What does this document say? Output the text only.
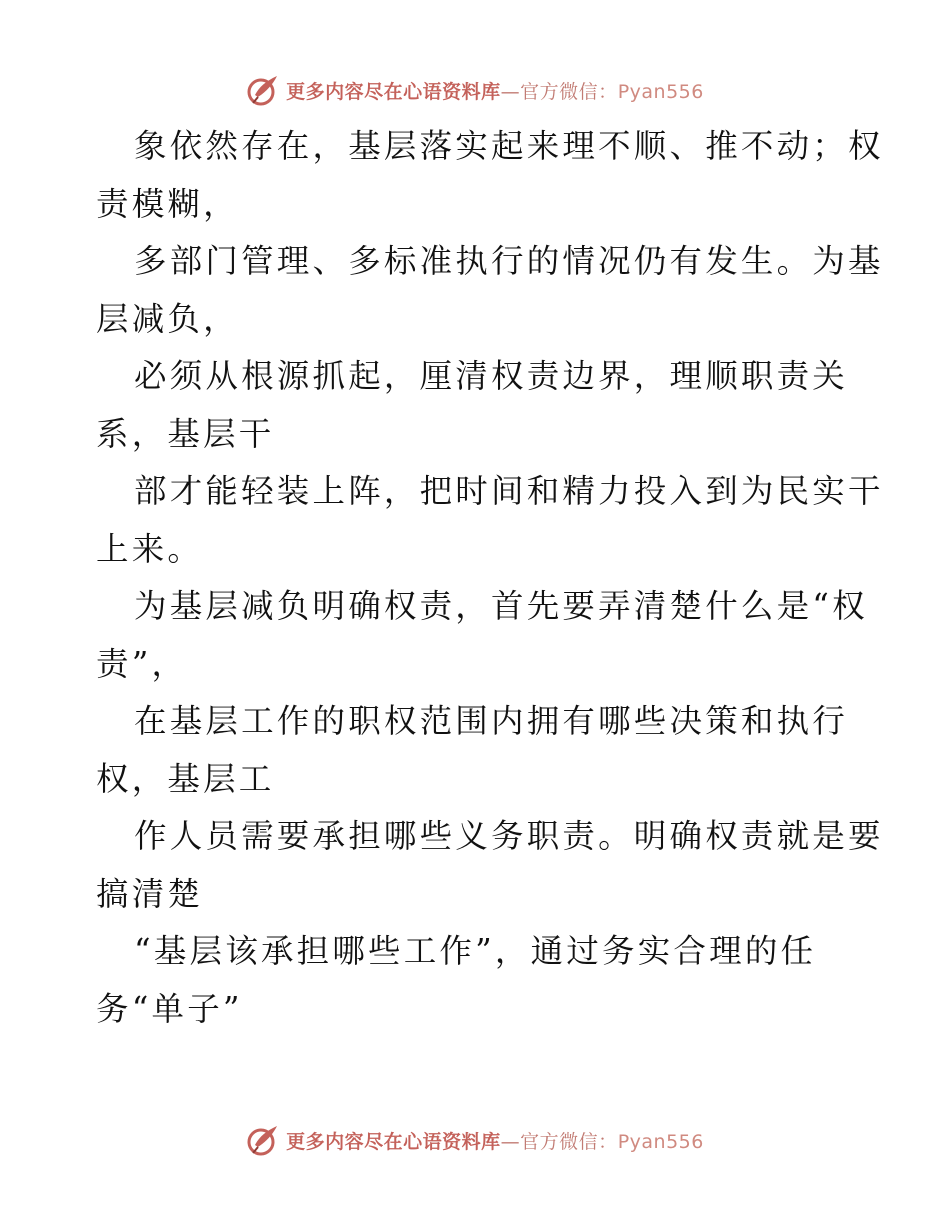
更多内容尽在心语资料库—官方微信：Pyan556

象依然存在，基层落实起来理不顺、推不动；权
责模糊，
多部门管理、多标准执行的情况仍有发生。为基
层减负，
必须从根源抓起，厘清权责边界，理顺职责关
系，基层干
部才能轻装上阵，把时间和精力投入到为民实干
上来。
为基层减负明确权责，首先要弄清楚什么是“权
责”，
在基层工作的职权范围内拥有哪些决策和执行
权，基层工
作人员需要承担哪些义务职责。明确权责就是要
搞清楚
“基层该承担哪些工作”，通过务实合理的任
务“单子”

更多内容尽在心语资料库—官方微信：Pyan556
